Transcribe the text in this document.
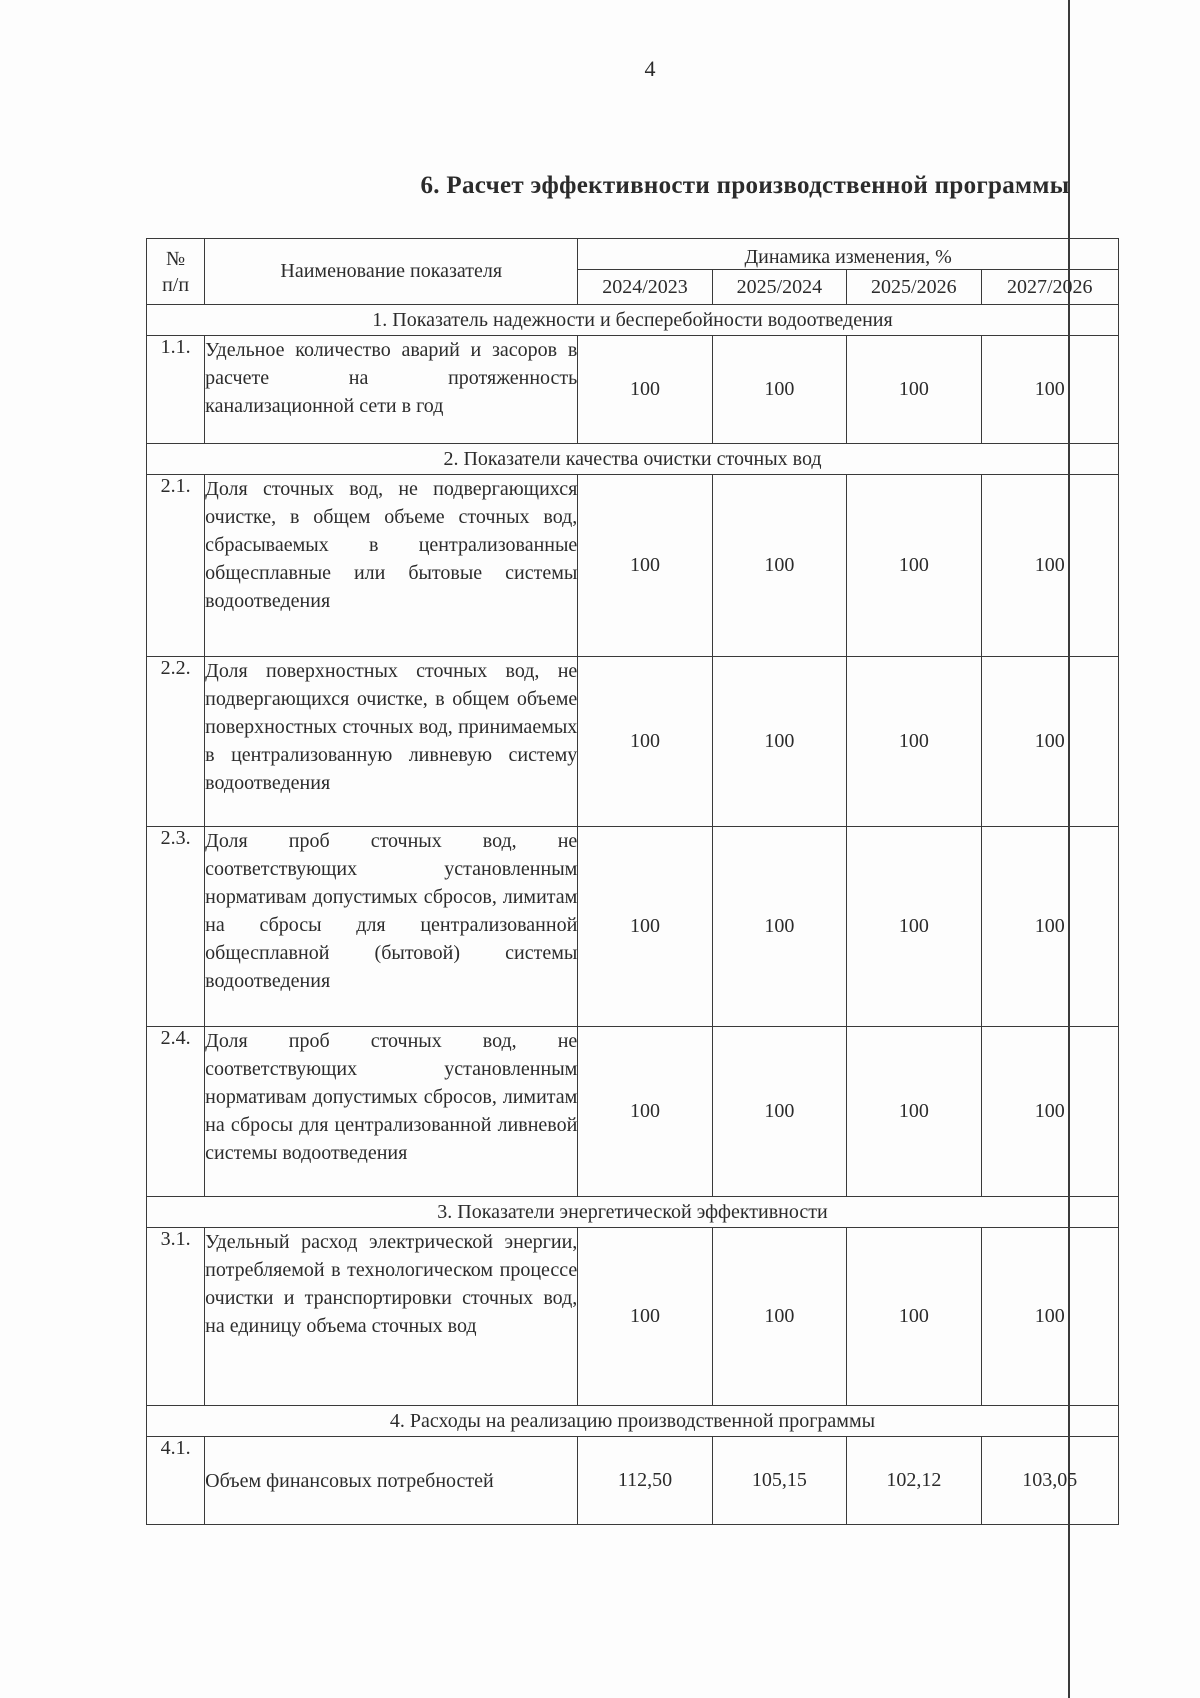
4
6. Расчет эффективности производственной программы
№
п/п	Наименование показателя	Динамика изменения, %			
		2024/2023	2025/2024	2025/2026	2027/2026
1. Показатель надежности и бесперебойности водоотведения					
1.1.	Удельное количество аварий и засоров в расчете на протяженность канализационной сети в год	100	100	100	100
2. Показатели качества очистки сточных вод					
2.1.	Доля сточных вод, не подвергающихся очистке, в общем объеме сточных вод, сбрасываемых в централизованные общесплавные или бытовые системы водоотведения	100	100	100	100
2.2.	Доля поверхностных сточных вод, не подвергающихся очистке, в общем объеме поверхностных сточных вод, принимаемых в централизованную ливневую систему водоотведения	100	100	100	100
2.3.	Доля проб сточных вод, не соответствующих установленным нормативам допустимых сбросов, лимитам на сбросы для централизованной общесплавной (бытовой) системы водоотведения	100	100	100	100
2.4.	Доля проб сточных вод, не соответствующих установленным нормативам допустимых сбросов, лимитам на сбросы для централизованной ливневой системы водоотведения	100	100	100	100
3. Показатели энергетической эффективности					
3.1.	Удельный расход электрической энергии, потребляемой в технологическом процессе очистки и транспортировки сточных вод, на единицу объема сточных вод	100	100	100	100
4. Расходы на реализацию производственной программы					
4.1.	Объем финансовых потребностей	112,50	105,15	102,12	103,05
